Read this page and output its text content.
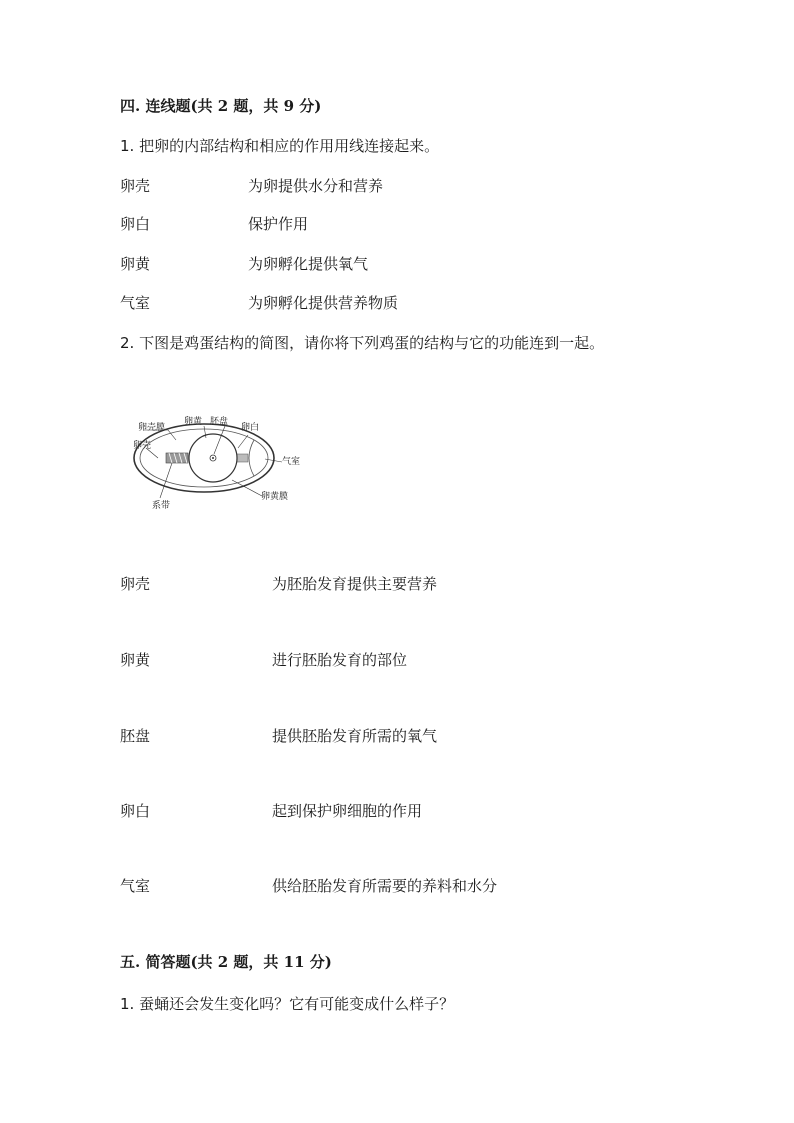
四. 连线题(共 2 题，共 9 分)
1. 把卵的内部结构和相应的作用用线连接起来。
卵壳	为卵提供水分和营养
卵白	保护作用
卵黄	为卵孵化提供氧气
气室	为卵孵化提供营养物质
2. 下图是鸡蛋结构的简图，请你将下列鸡蛋的结构与它的功能连到一起。
卵壳膜
卵壳
卵黄 胚盘
卵白
气室
系带
卵黄膜
卵壳	为胚胎发育提供主要营养
卵黄	进行胚胎发育的部位
胚盘	提供胚胎发育所需的氧气
卵白	起到保护卵细胞的作用
气室	供给胚胎发育所需要的养料和水分
五. 简答题(共 2 题，共 11 分)
1. 蚕蛹还会发生变化吗？它有可能变成什么样子？
